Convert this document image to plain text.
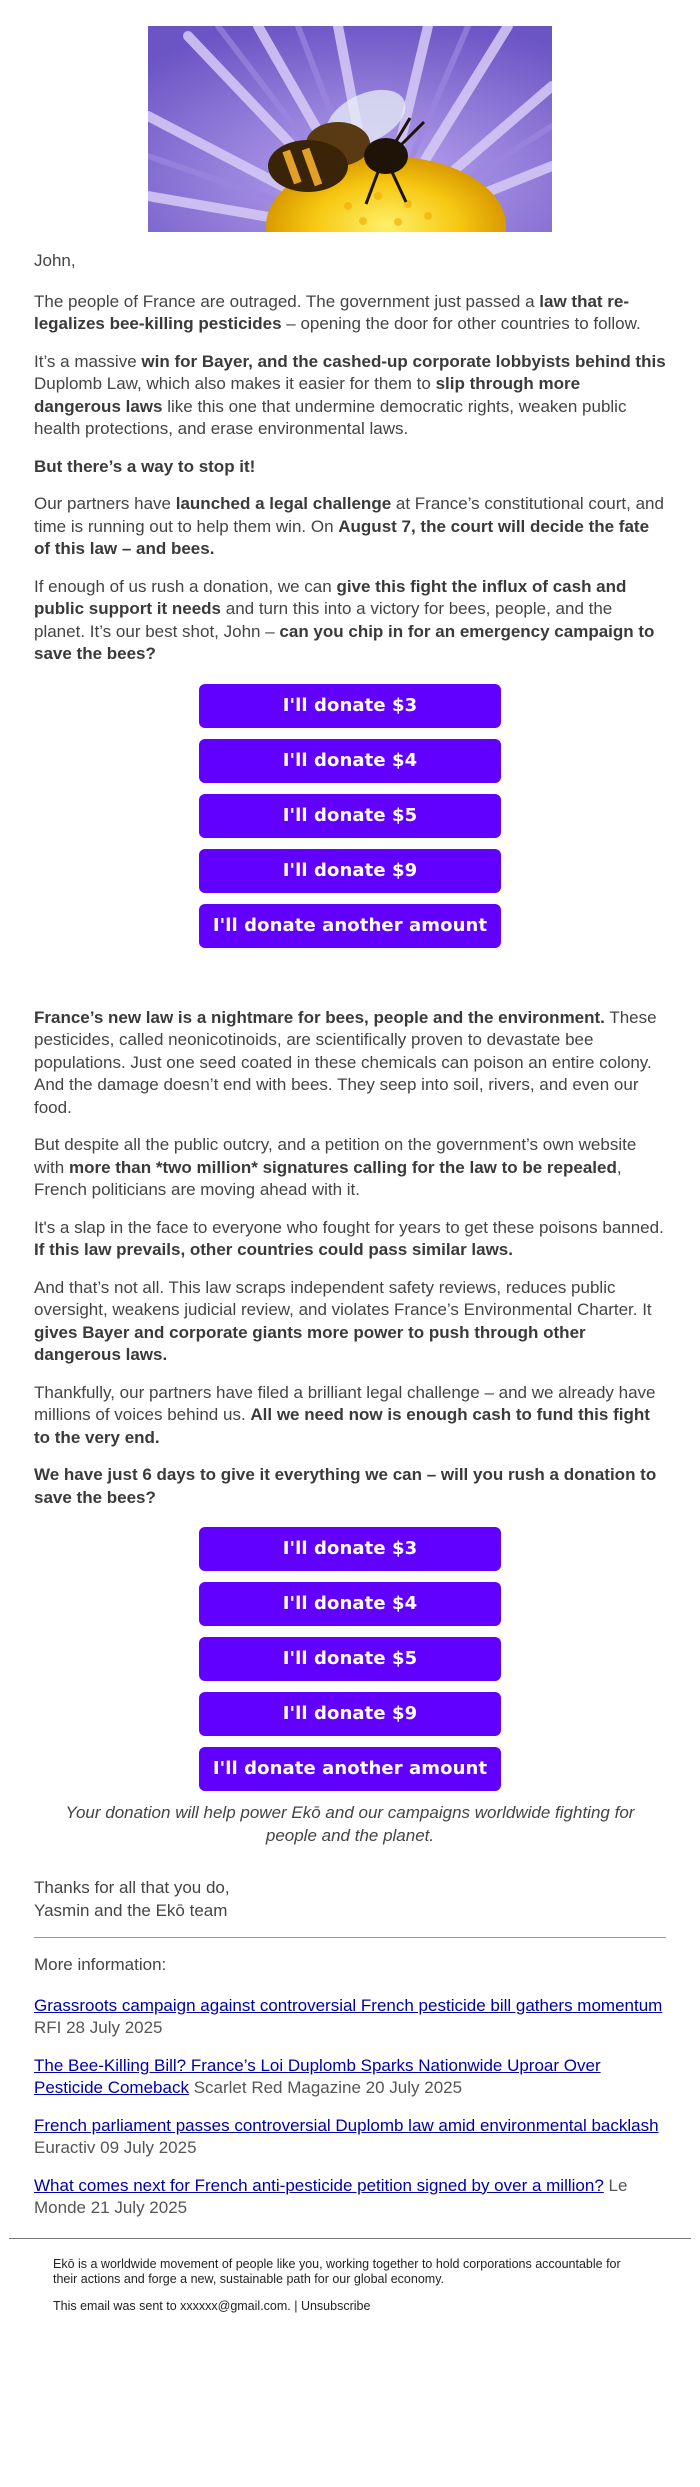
John,

The people of France are outraged. The government just passed a law that re-legalizes bee-killing pesticides – opening the door for other countries to follow.

It’s a massive win for Bayer, and the cashed-up corporate lobbyists behind this Duplomb Law, which also makes it easier for them to slip through more dangerous laws like this one that undermine democratic rights, weaken public health protections, and erase environmental laws.

But there’s a way to stop it!

Our partners have launched a legal challenge at France’s constitutional court, and time is running out to help them win. On August 7, the court will decide the fate of this law – and bees.

If enough of us rush a donation, we can give this fight the influx of cash and public support it needs and turn this into a victory for bees, people, and the planet. It’s our best shot, John – can you chip in for an emergency campaign to save the bees?

I'll donate $3
I'll donate $4
I'll donate $5
I'll donate $9
I'll donate another amount

France’s new law is a nightmare for bees, people and the environment. These pesticides, called neonicotinoids, are scientifically proven to devastate bee populations. Just one seed coated in these chemicals can poison an entire colony. And the damage doesn’t end with bees. They seep into soil, rivers, and even our food.

But despite all the public outcry, and a petition on the government’s own website with more than *two million* signatures calling for the law to be repealed, French politicians are moving ahead with it.

It's a slap in the face to everyone who fought for years to get these poisons banned. If this law prevails, other countries could pass similar laws.

And that’s not all. This law scraps independent safety reviews, reduces public oversight, weakens judicial review, and violates France’s Environmental Charter. It gives Bayer and corporate giants more power to push through other dangerous laws.

Thankfully, our partners have filed a brilliant legal challenge – and we already have millions of voices behind us. All we need now is enough cash to fund this fight to the very end.

We have just 6 days to give it everything we can – will you rush a donation to save the bees?

I'll donate $3
I'll donate $4
I'll donate $5
I'll donate $9
I'll donate another amount

Your donation will help power Ekō and our campaigns worldwide fighting for people and the planet.

Thanks for all that you do,
Yasmin and the Ekō team

More information:

Grassroots campaign against controversial French pesticide bill gathers momentum RFI 28 July 2025

The Bee-Killing Bill? France’s Loi Duplomb Sparks Nationwide Uproar Over Pesticide Comeback Scarlet Red Magazine 20 July 2025

French parliament passes controversial Duplomb law amid environmental backlash Euractiv 09 July 2025

What comes next for French anti-pesticide petition signed by over a million? Le Monde 21 July 2025

Ekō is a worldwide movement of people like you, working together to hold corporations accountable for their actions and forge a new, sustainable path for our global economy.

This email was sent to xxxxxx@gmail.com. | Unsubscribe
